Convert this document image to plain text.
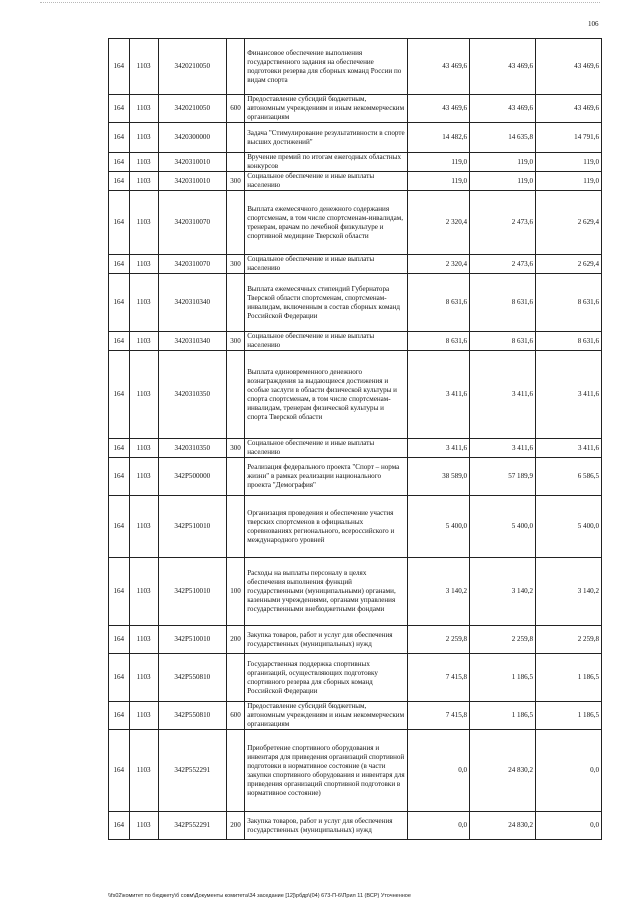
106
164	1103	3420210050		Финансовое обеспечение выполнения государственного задания на обеспечение подготовки резерва для сборных команд России по видам спорта	43 469,6	43 469,6	43 469,6
164	1103	3420210050	600	Предоставление субсидий бюджетным, автономным учреждениям и иным некоммерческим организациям	43 469,6	43 469,6	43 469,6
164	1103	3420300000		Задача "Стимулирование результативности в спорте высших достижений"	14 482,6	14 635,8	14 791,6
164	1103	3420310010		Вручение премий по итогам ежегодных областных конкурсов	119,0	119,0	119,0
164	1103	3420310010	300	Социальное обеспечение и иные выплаты населению	119,0	119,0	119,0
164	1103	3420310070		Выплата ежемесячного денежного содержания спортсменам, в том числе спортсменам-инвалидам, тренерам, врачам по лечебной физкультуре и спортивной медицине Тверской области	2 320,4	2 473,6	2 629,4
164	1103	3420310070	300	Социальное обеспечение и иные выплаты населению	2 320,4	2 473,6	2 629,4
164	1103	3420310340		Выплата ежемесячных стипендий Губернатора Тверской области спортсменам, спортсменам-инвалидам, включенным в состав сборных команд Российской Федерации	8 631,6	8 631,6	8 631,6
164	1103	3420310340	300	Социальное обеспечение и иные выплаты населению	8 631,6	8 631,6	8 631,6
164	1103	3420310350		Выплата единовременного денежного вознаграждения за выдающиеся достижения и особые заслуги в области физической культуры и спорта спортсменам, в том числе спортсменам-инвалидам, тренерам физической культуры и спорта Тверской области	3 411,6	3 411,6	3 411,6
164	1103	3420310350	300	Социальное обеспечение и иные выплаты населению	3 411,6	3 411,6	3 411,6
164	1103	342P500000		Реализация федерального проекта "Спорт – норма жизни" в рамках реализации национального проекта "Демография"	38 589,0	57 189,9	6 586,5
164	1103	342P510010		Организация проведения и обеспечение участия тверских спортсменов в официальных соревнованиях регионального, всероссийского и международного уровней	5 400,0	5 400,0	5 400,0
164	1103	342P510010	100	Расходы на выплаты персоналу в целях обеспечения выполнения функций государственными (муниципальными) органами, казенными учреждениями, органами управления государственными внебюджетными фондами	3 140,2	3 140,2	3 140,2
164	1103	342P510010	200	Закупка товаров, работ и услуг для обеспечения государственных (муниципальных) нужд	2 259,8	2 259,8	2 259,8
164	1103	342P550810		Государственная поддержка спортивных организаций, осуществляющих подготовку спортивного резерва для сборных команд Российской Федерации	7 415,8	1 186,5	1 186,5
164	1103	342P550810	600	Предоставление субсидий бюджетным, автономным учреждениям и иным некоммерческим организациям	7 415,8	1 186,5	1 186,5
164	1103	342P552291		Приобретение спортивного оборудования и инвентаря для приведения организаций спортивной подготовки в нормативное состояние (в части закупки спортивного оборудования и инвентаря для приведения организаций спортивной подготовки в нормативное состояние)	0,0	24 830,2	0,0
164	1103	342P552291	200	Закупка товаров, работ и услуг для обеспечения государственных (муниципальных) нужд	0,0	24 830,2	0,0
\\fs02\комитет по бюджету\б совм\Документы комитета\34 заседание [12]\рбдр\(04) 673-П-6\Прил 11 (ВСР) Уточненное
